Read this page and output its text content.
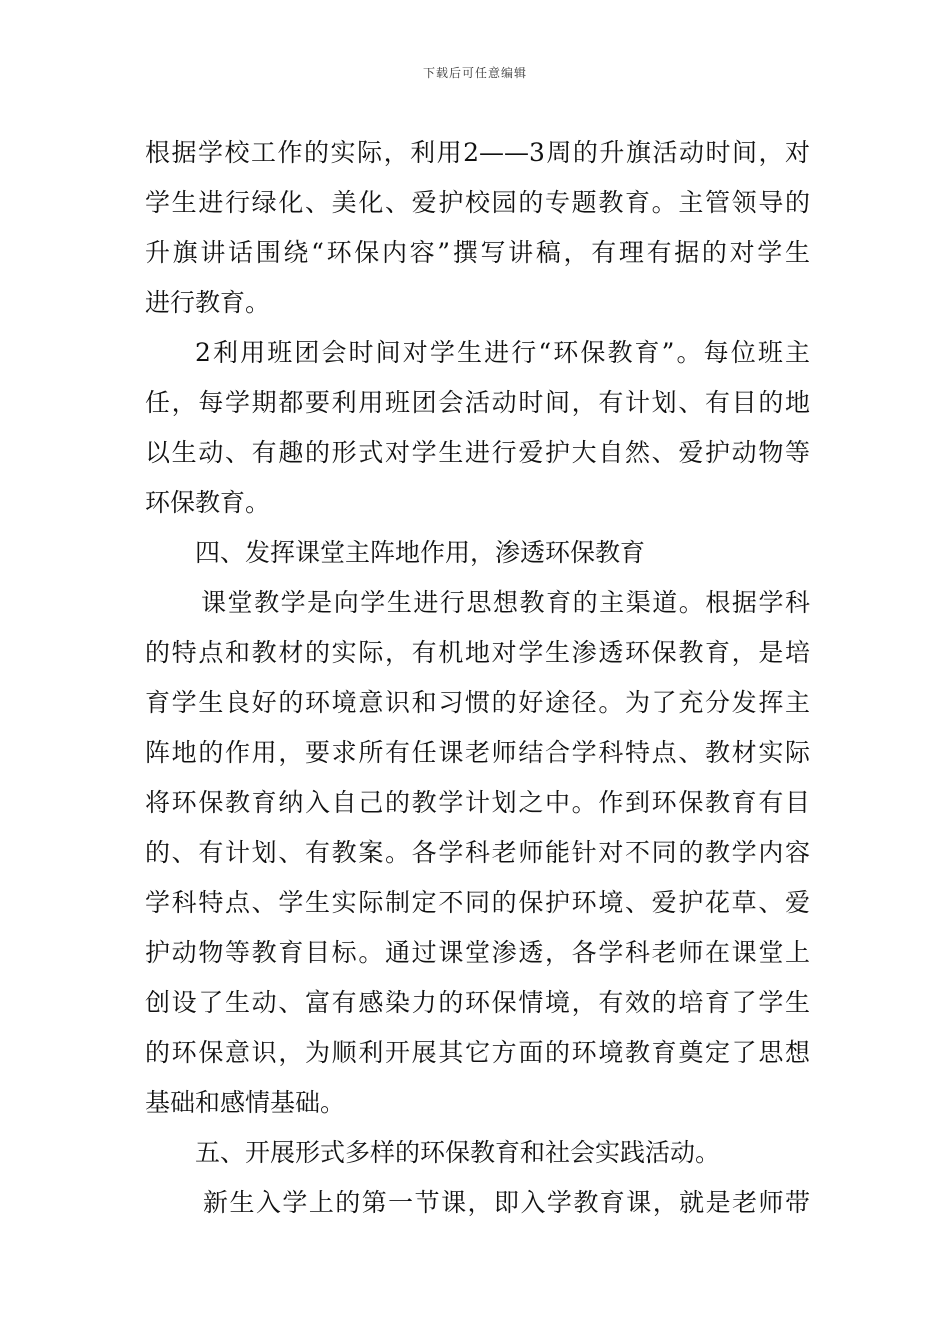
下载后可任意编辑
根据学校工作的实际，利用2——3周的升旗活动时间，对
学生进行绿化、美化、爱护校园的专题教育。主管领导的
升旗讲话围绕“环保内容”撰写讲稿，有理有据的对学生
进行教育。
2利用班团会时间对学生进行“环保教育”。每位班主
任，每学期都要利用班团会活动时间，有计划、有目的地
以生动、有趣的形式对学生进行爱护大自然、爱护动物等
环保教育。
四、发挥课堂主阵地作用，渗透环保教育
课堂教学是向学生进行思想教育的主渠道。根据学科
的特点和教材的实际，有机地对学生渗透环保教育，是培
育学生良好的环境意识和习惯的好途径。为了充分发挥主
阵地的作用，要求所有任课老师结合学科特点、教材实际
将环保教育纳入自己的教学计划之中。作到环保教育有目
的、有计划、有教案。各学科老师能针对不同的教学内容
学科特点、学生实际制定不同的保护环境、爱护花草、爱
护动物等教育目标。通过课堂渗透，各学科老师在课堂上
创设了生动、富有感染力的环保情境，有效的培育了学生
的环保意识，为顺利开展其它方面的环境教育奠定了思想
基础和感情基础。
五、开展形式多样的环保教育和社会实践活动。
新生入学上的第一节课，即入学教育课，就是老师带
